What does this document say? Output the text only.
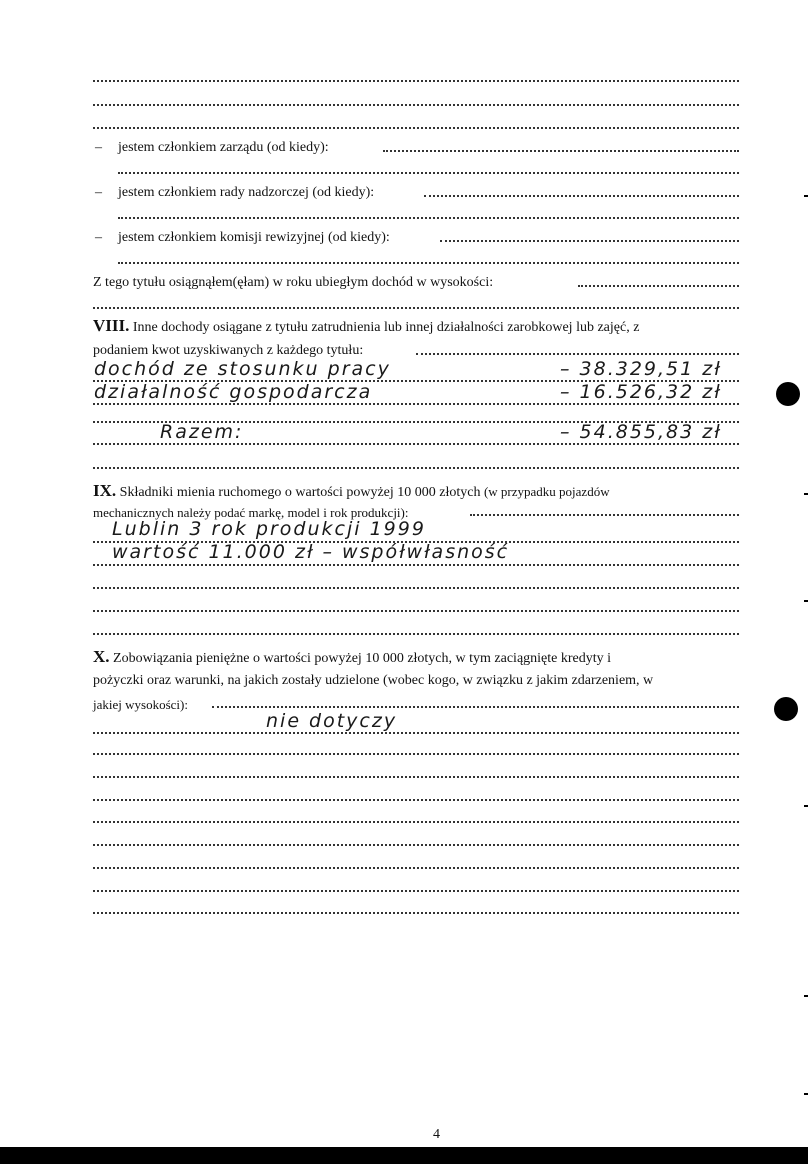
– jestem członkiem zarządu (od kiedy):
– jestem członkiem rady nadzorczej (od kiedy):
– jestem członkiem komisji rewizyjnej (od kiedy):
Z tego tytułu osiągnąłem(ęłam) w roku ubiegłym dochód w wysokości:
VIII. Inne dochody osiągane z tytułu zatrudnienia lub innej działalności zarobkowej lub zajęć, z
podaniem kwot uzyskiwanych z każdego tytułu:
dochód ze stosunku pracy	– 38.329,51 zł
działalność gospodarcza	– 16.526,32 zł
Razem:	– 54.855,83 zł
IX. Składniki mienia ruchomego o wartości powyżej 10 000 złotych (w przypadku pojazdów
mechanicznych należy podać markę, model i rok produkcji):
Lublin 3 rok produkcji 1999
wartość 11.000 zł – współwłasność
X. Zobowiązania pieniężne o wartości powyżej 10 000 złotych, w tym zaciągnięte kredyty i
pożyczki oraz warunki, na jakich zostały udzielone (wobec kogo, w związku z jakim zdarzeniem, w
jakiej wysokości):
nie dotyczy
4
